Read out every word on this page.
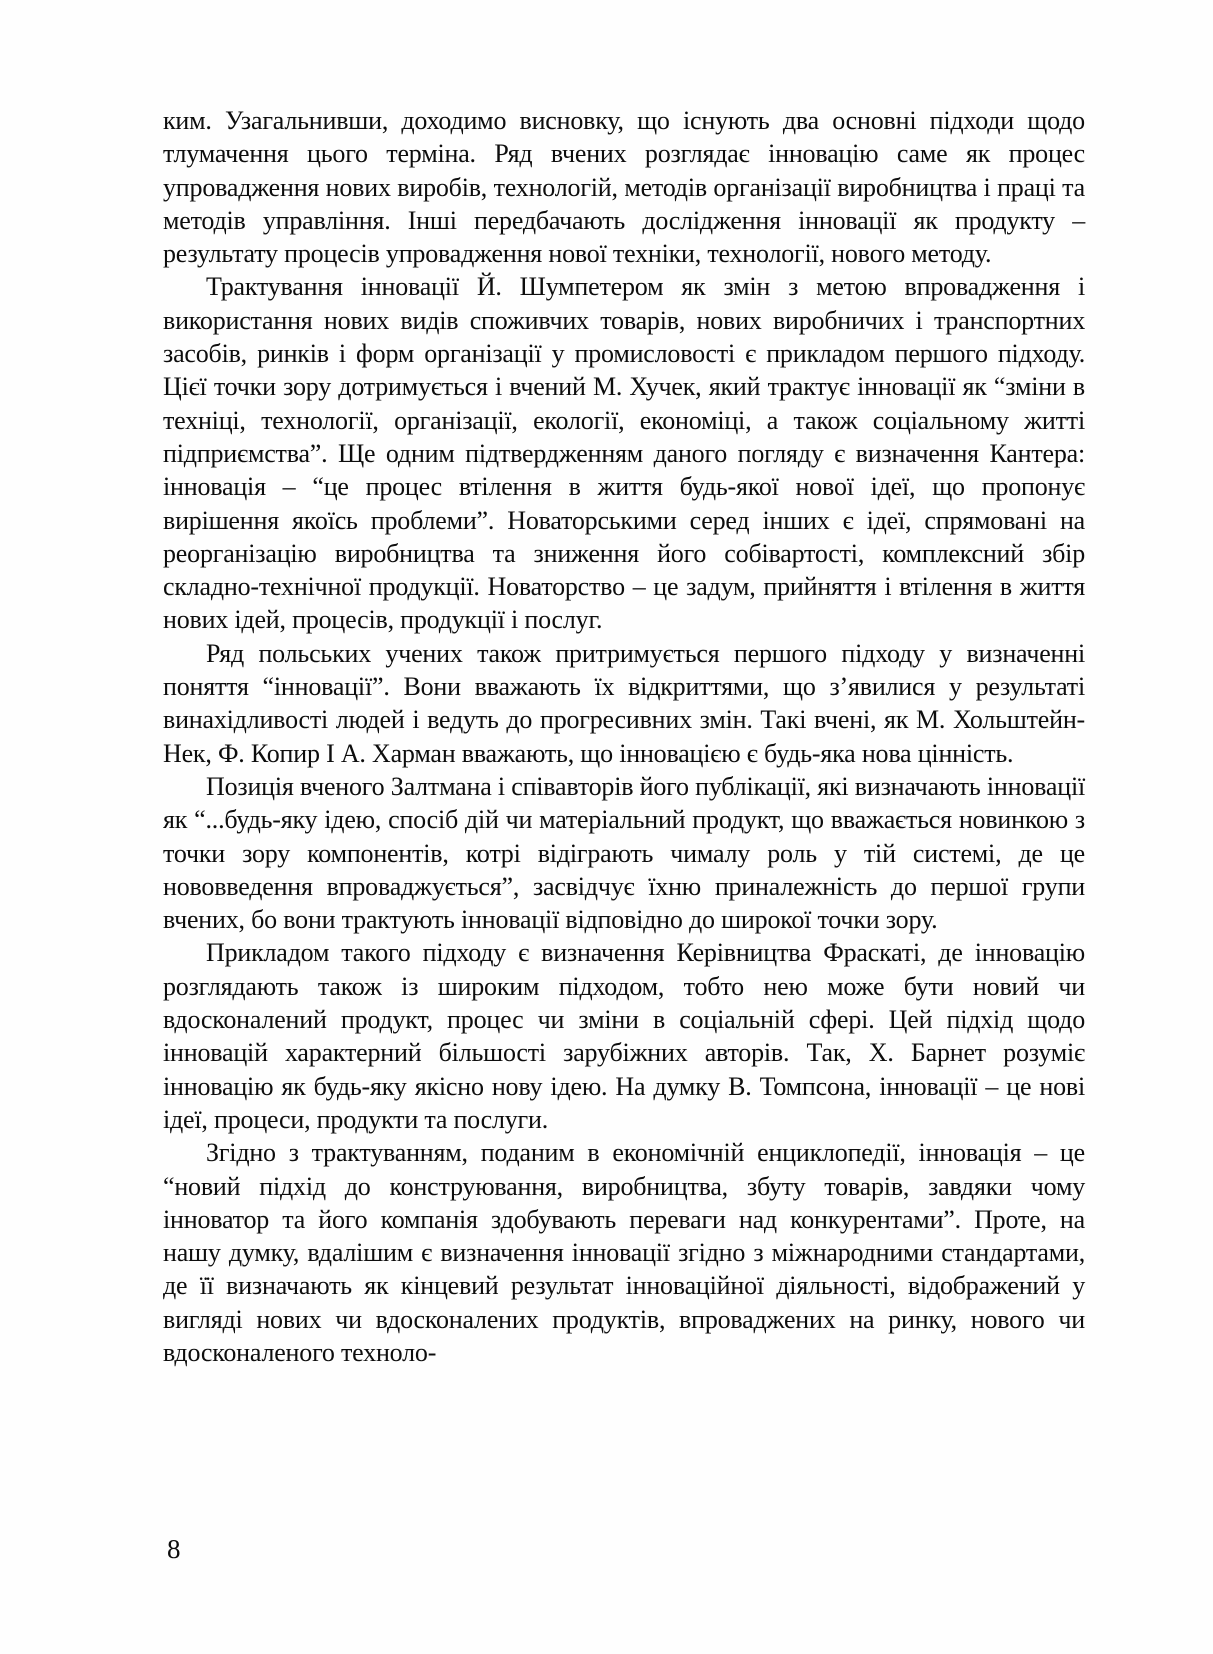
ким. Узагальнивши, доходимо висновку, що існують два основні підходи щодо тлумачення цього терміна. Ряд вчених розглядає інновацію саме як процес упровадження нових виробів, технологій, методів організації виробництва і праці та методів управління. Інші передбачають дослідження інновації як продукту – результату процесів упровадження нової техніки, технології, нового методу.

Трактування інновації Й. Шумпетером як змін з метою впровадження і використання нових видів споживчих товарів, нових виробничих і транспортних засобів, ринків і форм організації у промисловості є прикладом першого підходу. Цієї точки зору дотримується і вчений М. Хучек, який трактує інновації як “зміни в техніці, технології, організації, екології, економіці, а також соціальному житті підприємства”. Ще одним підтвердженням даного погляду є визначення Кантера: інновація – “це процес втілення в життя будь-якої нової ідеї, що пропонує вирішення якоїсь проблеми”. Новаторськими серед інших є ідеї, спрямовані на реорганізацію виробництва та зниження його собівартості, комплексний збір складно-технічної продукції. Новаторство – це задум, прийняття і втілення в життя нових ідей, процесів, продукції і послуг.

Ряд польських учених також притримується першого підходу у визначенні поняття “інновації”. Вони вважають їх відкриттями, що з’явилися у результаті винахідливості людей і ведуть до прогресивних змін. Такі вчені, як М. Хольштейн-Нек, Ф. Копир І А. Харман вважають, що інновацією є будь-яка нова цінність.

Позиція вченого Залтмана і співавторів його публікації, які визначають інновації як “...будь-яку ідею, спосіб дій чи матеріальний продукт, що вважається новинкою з точки зору компонентів, котрі відіграють чималу роль у тій системі, де це нововведення впроваджується”, засвідчує їхню приналежність до першої групи вчених, бо вони трактують інновації відповідно до широкої точки зору.

Прикладом такого підходу є визначення Керівництва Фраскаті, де інновацію розглядають також із широким підходом, тобто нею може бути новий чи вдосконалений продукт, процес чи зміни в соціальній сфері. Цей підхід щодо інновацій характерний більшості зарубіжних авторів. Так, Х. Барнет розуміє інновацію як будь-яку якісно нову ідею. На думку В. Томпсона, інновації – це нові ідеї, процеси, продукти та послуги.

Згідно з трактуванням, поданим в економічній енциклопедії, інновація – це “новий підхід до конструювання, виробництва, збуту товарів, завдяки чому інноватор та його компанія здобувають переваги над конкурентами”. Проте, на нашу думку, вдалішим є визначення інновації згідно з міжнародними стандартами, де її визначають як кінцевий результат інноваційної діяльності, відображений у вигляді нових чи вдосконалених продуктів, впроваджених на ринку, нового чи вдосконаленого техноло-

8
